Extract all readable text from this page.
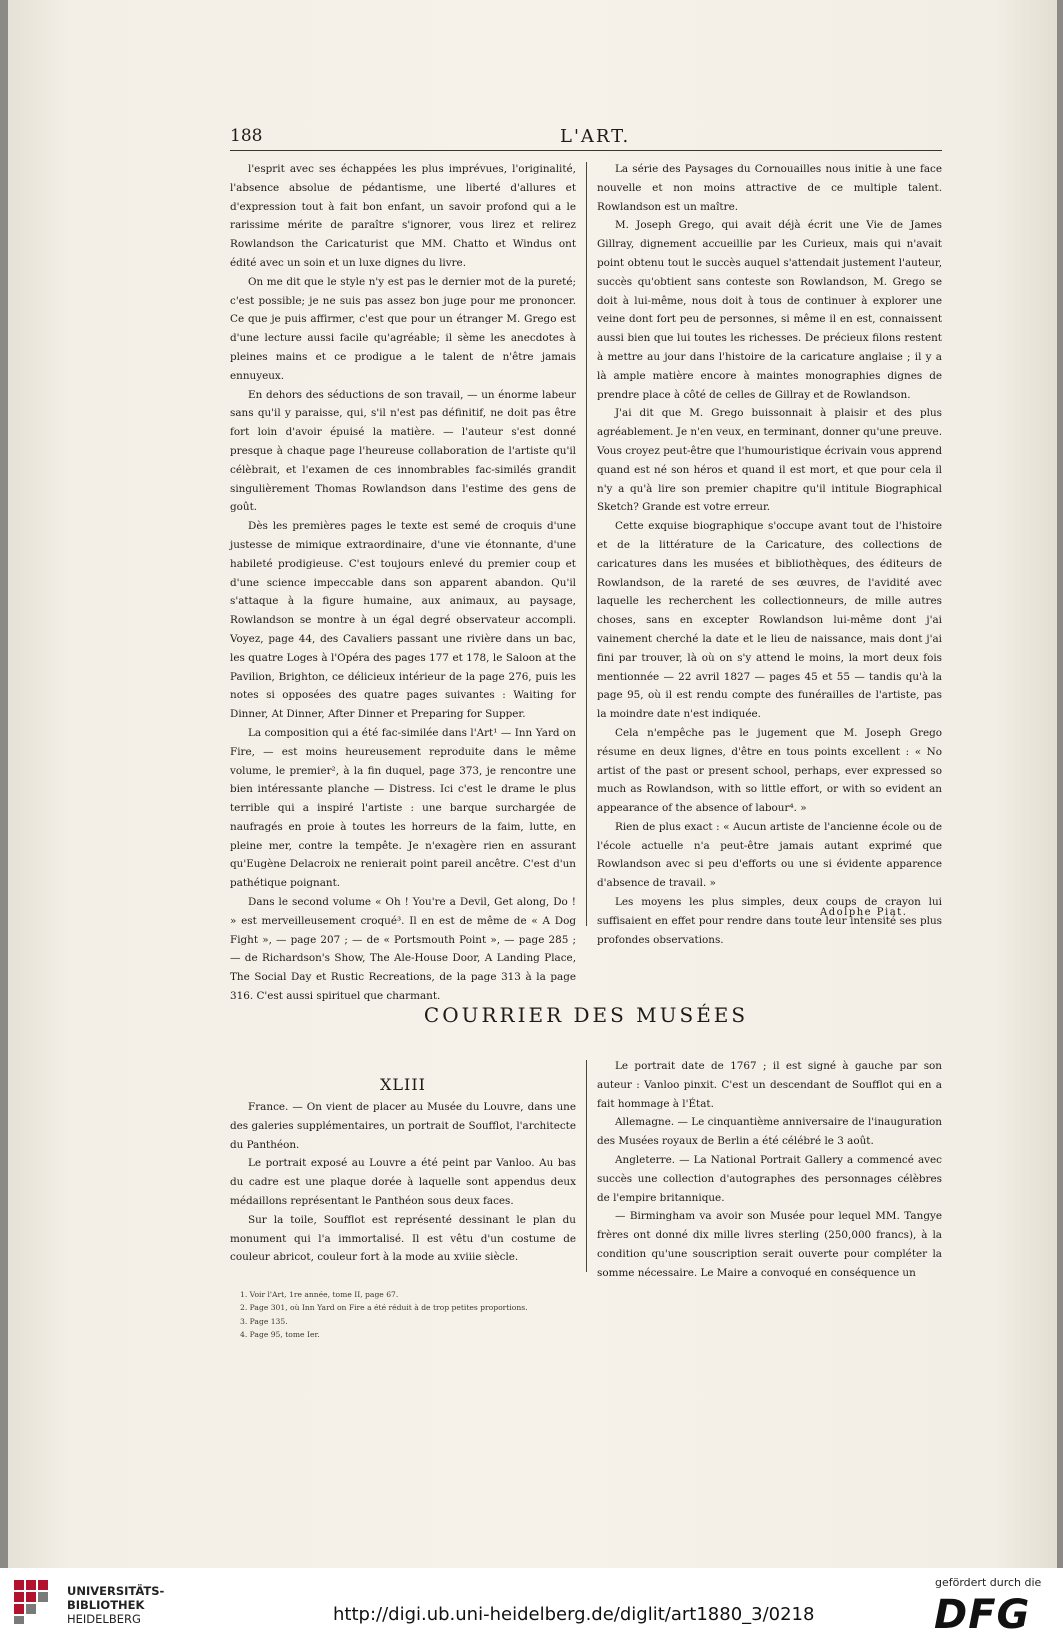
188	L'ART.

l'esprit avec ses échappées les plus imprévues, l'originalité, l'absence absolue de pédantisme, une liberté d'allures et d'expression tout à fait bon enfant, un savoir profond qui a le rarissime mérite de paraître s'ignorer, vous lirez et relirez Rowlandson the Caricaturist que MM. Chatto et Windus ont édité avec un soin et un luxe dignes du livre.

On me dit que le style n'y est pas le dernier mot de la pureté; c'est possible; je ne suis pas assez bon juge pour me prononcer. Ce que je puis affirmer, c'est que pour un étranger M. Grego est d'une lecture aussi facile qu'agréable; il sème les anecdotes à pleines mains et ce prodigue a le talent de n'être jamais ennuyeux.

En dehors des séductions de son travail, — un énorme labeur sans qu'il y paraisse, qui, s'il n'est pas définitif, ne doit pas être fort loin d'avoir épuisé la matière. — l'auteur s'est donné presque à chaque page l'heureuse collaboration de l'artiste qu'il célèbrait, et l'examen de ces innombrables fac-similés grandit singulièrement Thomas Rowlandson dans l'estime des gens de goût.

Dès les premières pages le texte est semé de croquis d'une justesse de mimique extraordinaire, d'une vie étonnante, d'une habileté prodigieuse. C'est toujours enlevé du premier coup et d'une science impeccable dans son apparent abandon. Qu'il s'attaque à la figure humaine, aux animaux, au paysage, Rowlandson se montre à un égal degré observateur accompli. Voyez, page 44, des Cavaliers passant une rivière dans un bac, les quatre Loges à l'Opéra des pages 177 et 178, le Saloon at the Pavilion, Brighton, ce délicieux intérieur de la page 276, puis les notes si opposées des quatre pages suivantes : Waiting for Dinner, At Dinner, After Dinner et Preparing for Supper.

La composition qui a été fac-similée dans l'Art¹ — Inn Yard on Fire, — est moins heureusement reproduite dans le même volume, le premier², à la fin duquel, page 373, je rencontre une bien intéressante planche — Distress. Ici c'est le drame le plus terrible qui a inspiré l'artiste : une barque surchargée de naufragés en proie à toutes les horreurs de la faim, lutte, en pleine mer, contre la tempête. Je n'exagère rien en assurant qu'Eugène Delacroix ne renierait point pareil ancêtre. C'est d'un pathétique poignant.

Dans le second volume « Oh ! You're a Devil, Get along, Do ! » est merveilleusement croqué³. Il en est de même de « A Dog Fight », — page 207 ; — de « Portsmouth Point », — page 285 ; — de Richardson's Show, The Ale-House Door, A Landing Place, The Social Day et Rustic Recreations, de la page 313 à la page 316. C'est aussi spirituel que charmant.

La série des Paysages du Cornouailles nous initie à une face nouvelle et non moins attractive de ce multiple talent. Rowlandson est un maître.

M. Joseph Grego, qui avait déjà écrit une Vie de James Gillray, dignement accueillie par les Curieux, mais qui n'avait point obtenu tout le succès auquel s'attendait justement l'auteur, succès qu'obtient sans conteste son Rowlandson, M. Grego se doit à lui-même, nous doit à tous de continuer à explorer une veine dont fort peu de personnes, si même il en est, connaissent aussi bien que lui toutes les richesses. De précieux filons restent à mettre au jour dans l'histoire de la caricature anglaise ; il y a là ample matière encore à maintes monographies dignes de prendre place à côté de celles de Gillray et de Rowlandson.

J'ai dit que M. Grego buissonnait à plaisir et des plus agréablement. Je n'en veux, en terminant, donner qu'une preuve. Vous croyez peut-être que l'humouristique écrivain vous apprend quand est né son héros et quand il est mort, et que pour cela il n'y a qu'à lire son premier chapitre qu'il intitule Biographical Sketch? Grande est votre erreur.

Cette exquise biographique s'occupe avant tout de l'histoire et de la littérature de la Caricature, des collections de caricatures dans les musées et bibliothèques, des éditeurs de Rowlandson, de la rareté de ses œuvres, de l'avidité avec laquelle les recherchent les collectionneurs, de mille autres choses, sans en excepter Rowlandson lui-même dont j'ai vainement cherché la date et le lieu de naissance, mais dont j'ai fini par trouver, là où on s'y attend le moins, la mort deux fois mentionnée — 22 avril 1827 — pages 45 et 55 — tandis qu'à la page 95, où il est rendu compte des funérailles de l'artiste, pas la moindre date n'est indiquée.

Cela n'empêche pas le jugement que M. Joseph Grego résume en deux lignes, d'être en tous points excellent : « No artist of the past or present school, perhaps, ever expressed so much as Rowlandson, with so little effort, or with so evident an appearance of the absence of labour⁴. »

Rien de plus exact : « Aucun artiste de l'ancienne école ou de l'école actuelle n'a peut-être jamais autant exprimé que Rowlandson avec si peu d'efforts ou une si évidente apparence d'absence de travail. »

Les moyens les plus simples, deux coups de crayon lui suffisaient en effet pour rendre dans toute leur intensité ses plus profondes observations.

Adolphe Piat.
COURRIER DES MUSÉES
XLIII

France. — On vient de placer au Musée du Louvre, dans une des galeries supplémentaires, un portrait de Soufflot, l'architecte du Panthéon.

Le portrait exposé au Louvre a été peint par Vanloo. Au bas du cadre est une plaque dorée à laquelle sont appendus deux médaillons représentant le Panthéon sous deux faces.

Sur la toile, Soufflot est représenté dessinant le plan du monument qui l'a immortalisé. Il est vêtu d'un costume de couleur abricot, couleur fort à la mode au xviiie siècle.

Le portrait date de 1767 ; il est signé à gauche par son auteur : Vanloo pinxit. C'est un descendant de Soufflot qui en a fait hommage à l'État.

Allemagne. — Le cinquantième anniversaire de l'inauguration des Musées royaux de Berlin a été célébré le 3 août.

Angleterre. — La National Portrait Gallery a commencé avec succès une collection d'autographes des personnages célèbres de l'empire britannique.

— Birmingham va avoir son Musée pour lequel MM. Tangye frères ont donné dix mille livres sterling (250,000 francs), à la condition qu'une souscription serait ouverte pour compléter la somme nécessaire. Le Maire a convoqué en conséquence un

1. Voir l'Art, 1re année, tome II, page 67.
2. Page 301, où Inn Yard on Fire a été réduit à de trop petites proportions.
3. Page 135.
4. Page 95, tome Ier.
UNIVERSITÄTS-
BIBLIOTHEK
HEIDELBERG	http://digi.ub.uni-heidelberg.de/diglit/art1880_3/0218
gefördert durch die
DFG
